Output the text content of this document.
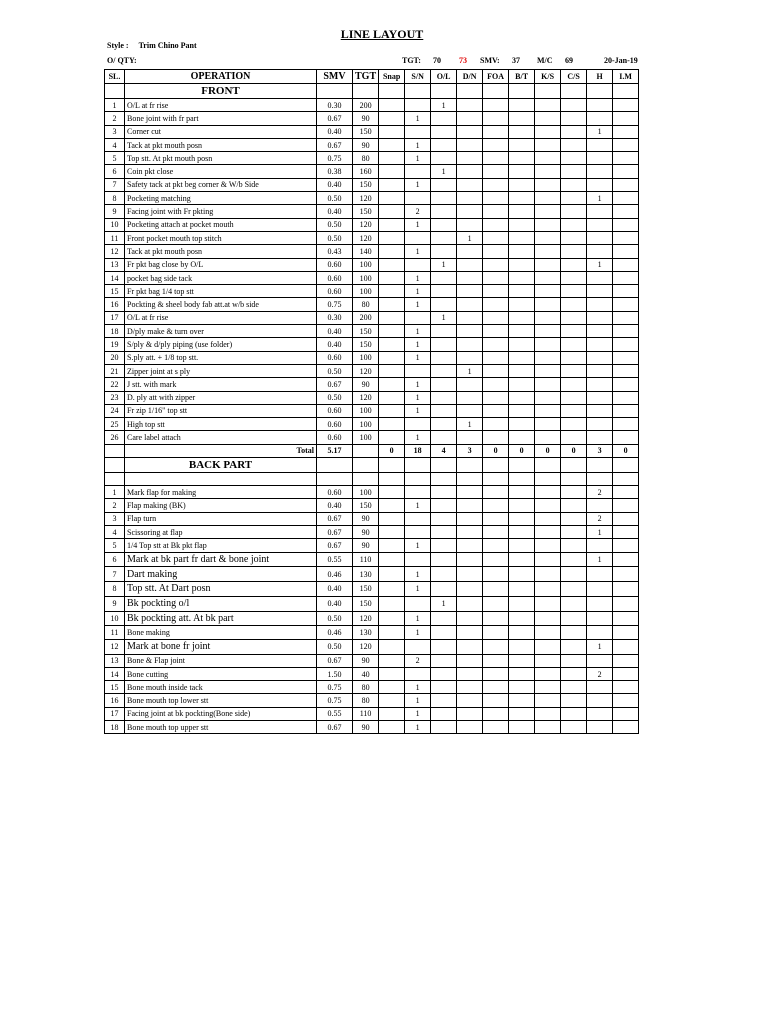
LINE LAYOUT
Style : Trim Chino Pant
O/ QTY:	TGT: 70 73 SMV: 37 M/C 69	20-Jan-19
SL.	OPERATION	SMV	TGT	Snap	S/N	O/L	D/N	FOA	B/T	K/S	C/S	H	I.M
	FRONT												
1	O/L at fr rise	0.30	200			1							
2	Bone joint with fr part	0.67	90		1								
3	Corner cut	0.40	150									1	
4	Tack at pkt mouth posn	0.67	90		1								
5	Top stt. At pkt mouth posn	0.75	80		1								
6	Coin pkt close	0.38	160			1							
7	Safety tack at pkt beg corner & W/b Side	0.40	150		1								
8	Pocketing matching	0.50	120									1	
9	Facing joint with Fr pkting	0.40	150		2								
10	Pocketing attach at pocket mouth	0.50	120		1								
11	Front pocket mouth top stitch	0.50	120				1						
12	Tack at pkt mouth posn	0.43	140		1								
13	Fr pkt bag close by O/L	0.60	100			1						1	
14	pocket bag side tack	0.60	100		1								
15	Fr pkt bag 1/4 top stt	0.60	100		1								
16	Pockting & sheel body fab att.at w/b side	0.75	80		1								
17	O/L at fr rise	0.30	200			1							
18	D/ply make & turn over	0.40	150		1								
19	S/ply & d/ply piping (use folder)	0.40	150		1								
20	S.ply att. + 1/8 top stt.	0.60	100		1								
21	Zipper joint at s ply	0.50	120				1						
22	J stt. with mark	0.67	90		1								
23	D. ply att with zipper	0.50	120		1								
24	Fr zip 1/16" top stt	0.60	100		1								
25	High top stt	0.60	100				1						
26	Care label attach	0.60	100		1								
	Total	5.17		0	18	4	3	0	0	0	0	3	0
	BACK PART												

1	Mark flap for making	0.60	100									2	
2	Flap making (BK)	0.40	150		1								
3	Flap turn	0.67	90									2	
4	Scissoring at flap	0.67	90									1	
5	1/4 Top stt at Bk pkt flap	0.67	90		1								
6	Mark at bk part fr dart & bone joint	0.55	110									1	
7	Dart making	0.46	130		1								
8	Top stt. At Dart posn	0.40	150		1								
9	Bk pockting o/l	0.40	150			1							
10	Bk pockting att. At bk part	0.50	120		1								
11	Bone making	0.46	130		1								
12	Mark at bone fr joint	0.50	120									1	
13	Bone & Flap joint	0.67	90		2								
14	Bone cutting	1.50	40									2	
15	Bone mouth inside tack	0.75	80		1								
16	Bone mouth top lower stt	0.75	80		1								
17	Facing joint at bk pockting(Bone side)	0.55	110		1								
18	Bone mouth top upper stt	0.67	90		1								
